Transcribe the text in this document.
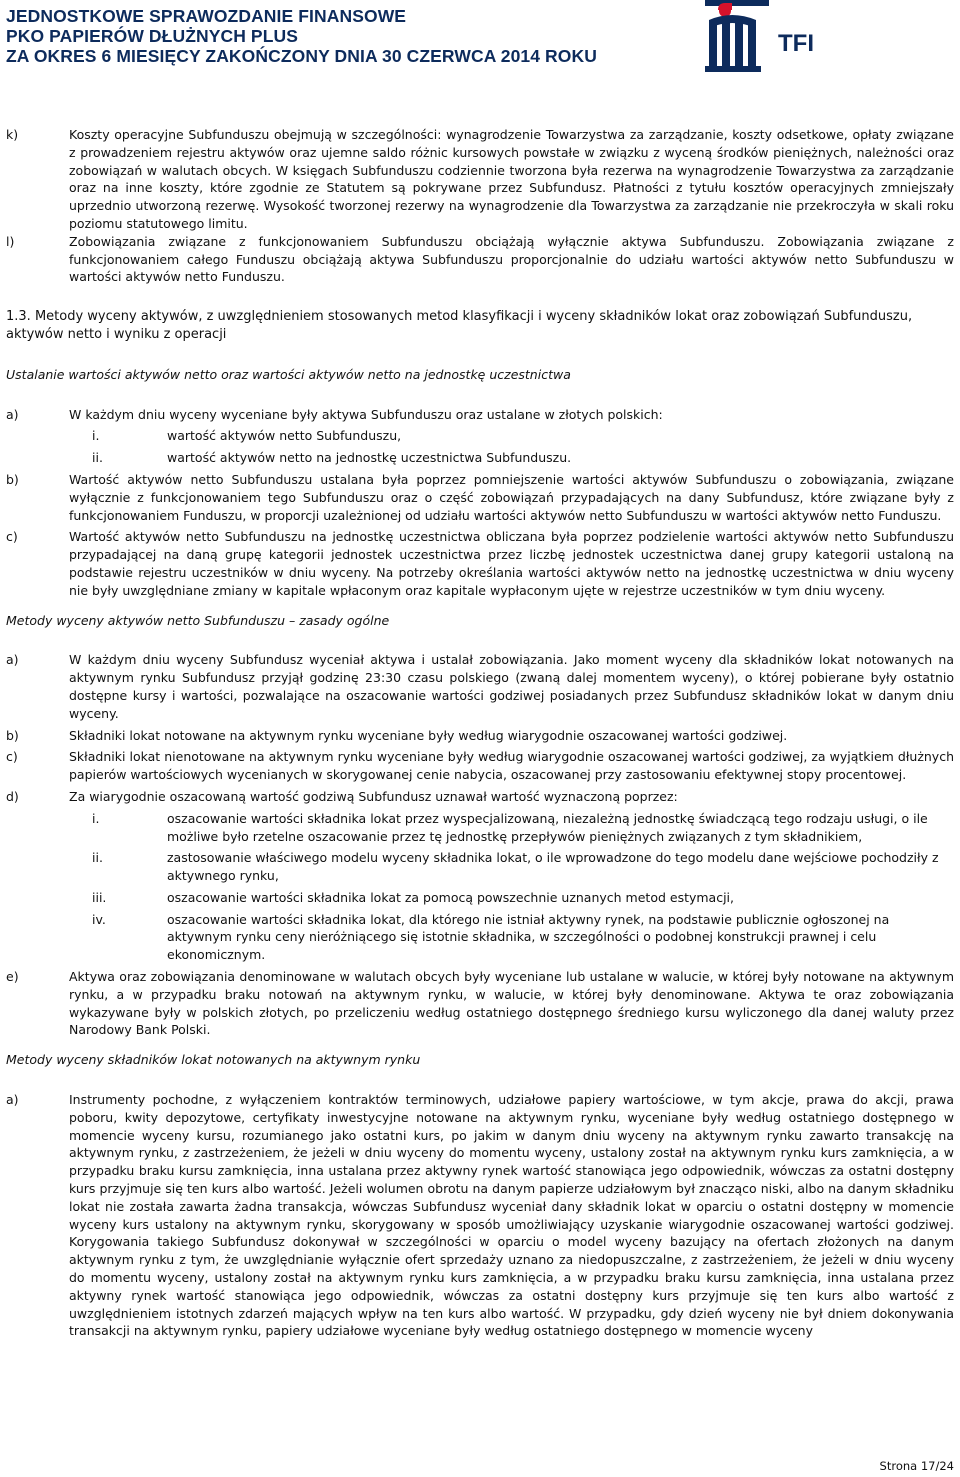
JEDNOSTKOWE SPRAWOZDANIE FINANSOWE
PKO PAPIERÓW DŁUŻNYCH PLUS
ZA OKRES 6 MIESIĘCY ZAKOŃCZONY DNIA 30 CZERWCA 2014 ROKU	TFI
k)	Koszty operacyjne Subfunduszu obejmują w szczególności: wynagrodzenie Towarzystwa za zarządzanie, koszty odsetkowe, opłaty związane z prowadzeniem rejestru aktywów oraz ujemne saldo różnic kursowych powstałe w związku z wyceną środków pieniężnych, należności oraz zobowiązań w walutach obcych. W księgach Subfunduszu codziennie tworzona była rezerwa na wynagrodzenie Towarzystwa za zarządzanie oraz na inne koszty, które zgodnie ze Statutem są pokrywane przez Subfundusz. Płatności z tytułu kosztów operacyjnych zmniejszały uprzednio utworzoną rezerwę. Wysokość tworzonej rezerwy na wynagrodzenie dla Towarzystwa za zarządzanie nie przekroczyła w skali roku poziomu statutowego limitu.
l)	Zobowiązania związane z funkcjonowaniem Subfunduszu obciążają wyłącznie aktywa Subfunduszu. Zobowiązania związane z funkcjonowaniem całego Funduszu obciążają aktywa Subfunduszu proporcjonalnie do udziału wartości aktywów netto Subfunduszu w wartości aktywów netto Funduszu.
1.3. Metody wyceny aktywów, z uwzględnieniem stosowanych metod klasyfikacji i wyceny składników lokat oraz zobowiązań Subfunduszu, aktywów netto i wyniku z operacji
Ustalanie wartości aktywów netto oraz wartości aktywów netto na jednostkę uczestnictwa
a)	W każdym dniu wyceny wyceniane były aktywa Subfunduszu oraz ustalane w złotych polskich:
i.	wartość aktywów netto Subfunduszu,
ii.	wartość aktywów netto na jednostkę uczestnictwa Subfunduszu.
b)	Wartość aktywów netto Subfunduszu ustalana była poprzez pomniejszenie wartości aktywów Subfunduszu o zobowiązania, związane wyłącznie z funkcjonowaniem tego Subfunduszu oraz o część zobowiązań przypadających na dany Subfundusz, które związane były z funkcjonowaniem Funduszu, w proporcji uzależnionej od udziału wartości aktywów netto Subfunduszu w wartości aktywów netto Funduszu.
c)	Wartość aktywów netto Subfunduszu na jednostkę uczestnictwa obliczana była poprzez podzielenie wartości aktywów netto Subfunduszu przypadającej na daną grupę kategorii jednostek uczestnictwa przez liczbę jednostek uczestnictwa danej grupy kategorii ustaloną na podstawie rejestru uczestników w dniu wyceny. Na potrzeby określania wartości aktywów netto na jednostkę uczestnictwa w dniu wyceny nie były uwzględniane zmiany w kapitale wpłaconym oraz kapitale wypłaconym ujęte w rejestrze uczestników w tym dniu wyceny.
Metody wyceny aktywów netto Subfunduszu – zasady ogólne
a)	W każdym dniu wyceny Subfundusz wyceniał aktywa i ustalał zobowiązania. Jako moment wyceny dla składników lokat notowanych na aktywnym rynku Subfundusz przyjął godzinę 23:30 czasu polskiego (zwaną dalej momentem wyceny), o której pobierane były ostatnio dostępne kursy i wartości, pozwalające na oszacowanie wartości godziwej posiadanych przez Subfundusz składników lokat w danym dniu wyceny.
b)	Składniki lokat notowane na aktywnym rynku wyceniane były według wiarygodnie oszacowanej wartości godziwej.
c)	Składniki lokat nienotowane na aktywnym rynku wyceniane były według wiarygodnie oszacowanej wartości godziwej, za wyjątkiem dłużnych papierów wartościowych wycenianych w skorygowanej cenie nabycia, oszacowanej przy zastosowaniu efektywnej stopy procentowej.
d)	Za wiarygodnie oszacowaną wartość godziwą Subfundusz uznawał wartość wyznaczoną poprzez:
i.	oszacowanie wartości składnika lokat przez wyspecjalizowaną, niezależną jednostkę świadczącą tego rodzaju usługi, o ile możliwe było rzetelne oszacowanie przez tę jednostkę przepływów pieniężnych związanych z tym składnikiem,
ii.	zastosowanie właściwego modelu wyceny składnika lokat, o ile wprowadzone do tego modelu dane wejściowe pochodziły z aktywnego rynku,
iii.	oszacowanie wartości składnika lokat za pomocą powszechnie uznanych metod estymacji,
iv.	oszacowanie wartości składnika lokat, dla którego nie istniał aktywny rynek, na podstawie publicznie ogłoszonej na aktywnym rynku ceny nieróżniącego się istotnie składnika, w szczególności o podobnej konstrukcji prawnej i celu ekonomicznym.
e)	Aktywa oraz zobowiązania denominowane w walutach obcych były wyceniane lub ustalane w walucie, w której były notowane na aktywnym rynku, a w przypadku braku notowań na aktywnym rynku, w walucie, w której były denominowane. Aktywa te oraz zobowiązania wykazywane były w polskich złotych, po przeliczeniu według ostatniego dostępnego średniego kursu wyliczonego dla danej waluty przez Narodowy Bank Polski.
Metody wyceny składników lokat notowanych na aktywnym rynku
a)	Instrumenty pochodne, z wyłączeniem kontraktów terminowych, udziałowe papiery wartościowe, w tym akcje, prawa do akcji, prawa poboru, kwity depozytowe, certyfikaty inwestycyjne notowane na aktywnym rynku, wyceniane były według ostatniego dostępnego w momencie wyceny kursu, rozumianego jako ostatni kurs, po jakim w danym dniu wyceny na aktywnym rynku zawarto transakcję na aktywnym rynku, z zastrzeżeniem, że jeżeli w dniu wyceny do momentu wyceny, ustalony został na aktywnym rynku kurs zamknięcia, a w przypadku braku kursu zamknięcia, inna ustalana przez aktywny rynek wartość stanowiąca jego odpowiednik, wówczas za ostatni dostępny kurs przyjmuje się ten kurs albo wartość. Jeżeli wolumen obrotu na danym papierze udziałowym był znacząco niski, albo na danym składniku lokat nie została zawarta żadna transakcja, wówczas Subfundusz wyceniał dany składnik lokat w oparciu o ostatni dostępny w momencie wyceny kurs ustalony na aktywnym rynku, skorygowany w sposób umożliwiający uzyskanie wiarygodnie oszacowanej wartości godziwej. Korygowania takiego Subfundusz dokonywał w szczególności w oparciu o model wyceny bazujący na ofertach złożonych na danym aktywnym rynku z tym, że uwzględnianie wyłącznie ofert sprzedaży uznano za niedopuszczalne, z zastrzeżeniem, że jeżeli w dniu wyceny do momentu wyceny, ustalony został na aktywnym rynku kurs zamknięcia, a w przypadku braku kursu zamknięcia, inna ustalana przez aktywny rynek wartość stanowiąca jego odpowiednik, wówczas za ostatni dostępny kurs przyjmuje się ten kurs albo wartość z uwzględnieniem istotnych zdarzeń mających wpływ na ten kurs albo wartość. W przypadku, gdy dzień wyceny nie był dniem dokonywania transakcji na aktywnym rynku, papiery udziałowe wyceniane były według ostatniego dostępnego w momencie wyceny
Strona 17/24
